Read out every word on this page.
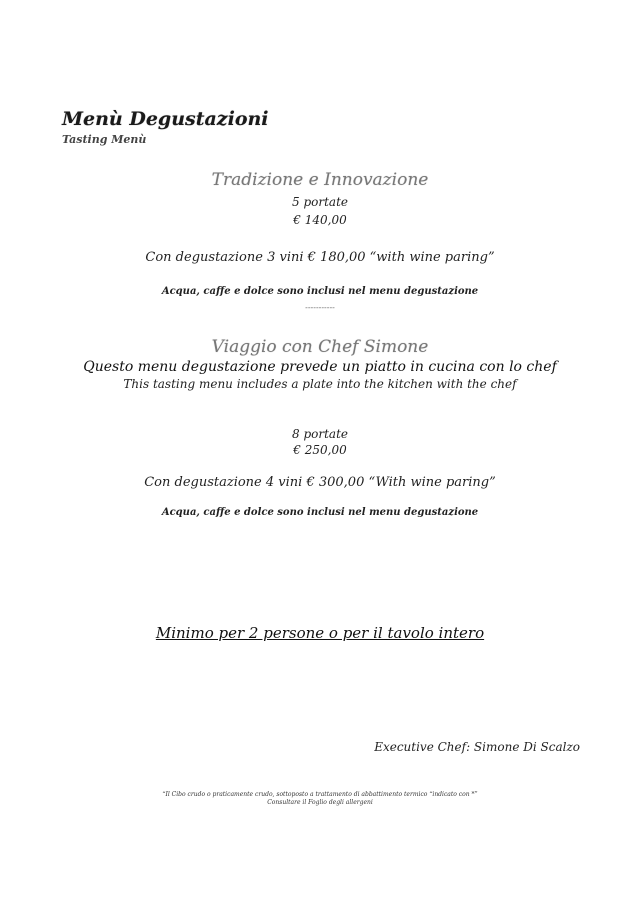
Menù Degustazioni
Tasting Menù
Tradizione e Innovazione
5 portate
€ 140,00
Con degustazione 3 vini € 180,00 “with wine paring”
Acqua, caffe e dolce sono inclusi nel menu degustazione
-----------
Viaggio con Chef Simone
Questo menu degustazione prevede un piatto in cucina con lo chef
This tasting menu includes a plate into the kitchen with the chef
8 portate
€ 250,00
Con degustazione 4 vini € 300,00 “With wine paring”
Acqua, caffe e dolce sono inclusi nel menu degustazione
Minimo per 2 persone o per il tavolo intero
Executive Chef: Simone Di Scalzo
“Il Cibo crudo o praticamente crudo, sottoposto a trattamento di abbattimento termico “indicato con *”
Consultare il Foglio degli allergeni
